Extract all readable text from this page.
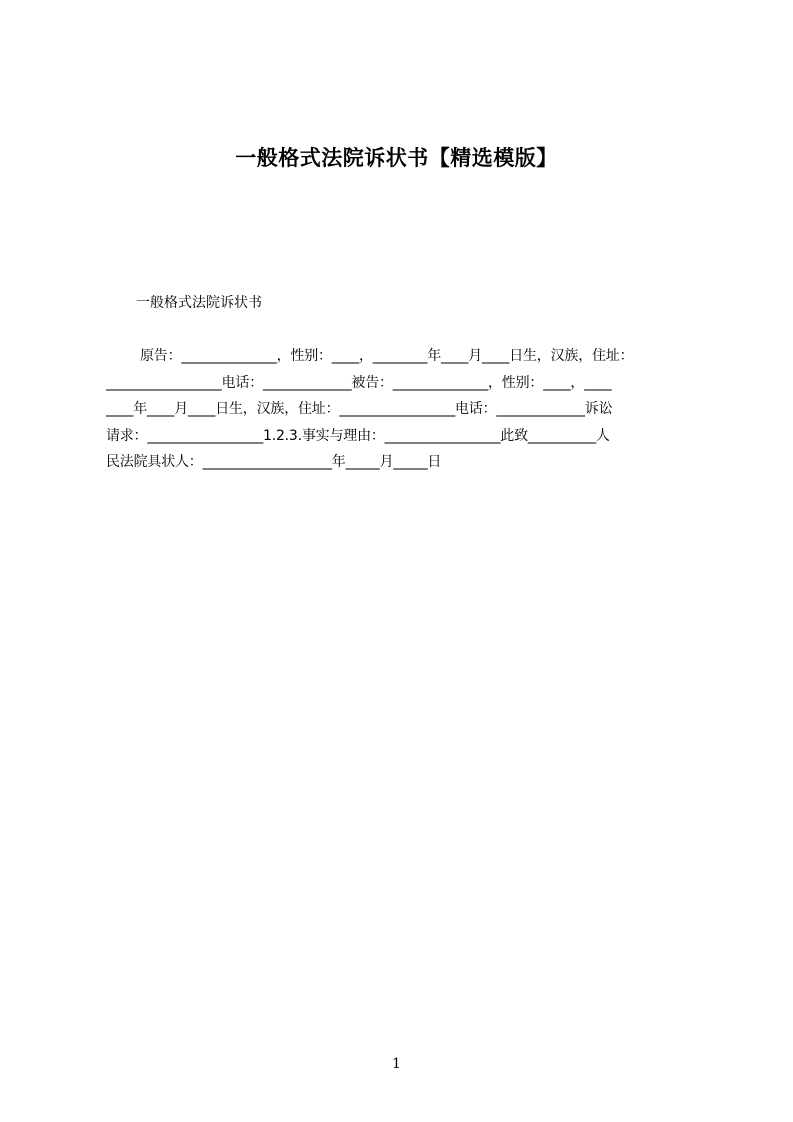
一般格式法院诉状书【精选模版】
一般格式法院诉状书
原告：______________，性别：____，________年____月____日生，汉族，住址：
_________________电话：_____________被告：______________，性别：____，____
____年____月____日生，汉族，住址：_________________电话：_____________诉讼
请求：_________________1.2.3.事实与理由：_________________此致__________人
民法院具状人：___________________年_____月_____日
1
